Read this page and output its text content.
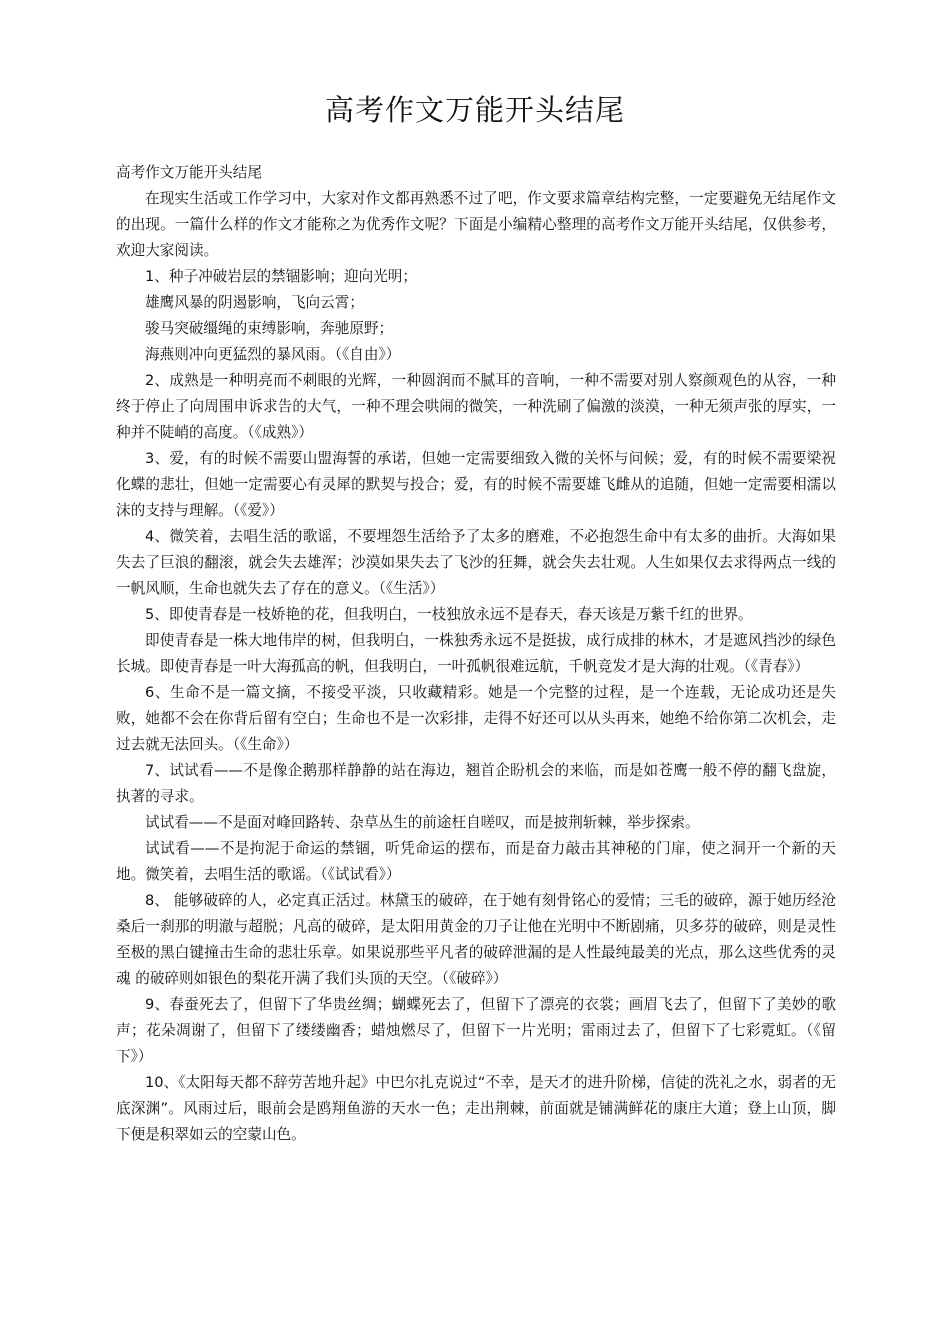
高考作文万能开头结尾

高考作文万能开头结尾

在现实生活或工作学习中，大家对作文都再熟悉不过了吧，作文要求篇章结构完整，一定要避免无结尾作文的出现。一篇什么样的作文才能称之为优秀作文呢？下面是小编精心整理的高考作文万能开头结尾，仅供参考，欢迎大家阅读。

1、种子冲破岩层的禁锢影响；迎向光明；

雄鹰风暴的阴遏影响，飞向云霄；

骏马突破缰绳的束缚影响，奔驰原野；

海燕则冲向更猛烈的暴风雨。（《自由》）

2、成熟是一种明亮而不刺眼的光辉，一种圆润而不腻耳的音响，一种不需要对别人察颜观色的从容，一种终于停止了向周围申诉求告的大气，一种不理会哄闹的微笑，一种洗刷了偏激的淡漠，一种无须声张的厚实，一种并不陡峭的高度。（《成熟》）

3、爱，有的时候不需要山盟海誓的承诺，但她一定需要细致入微的关怀与问候；爱，有的时候不需要梁祝化蝶的悲壮，但她一定需要心有灵犀的默契与投合；爱，有的时候不需要雄飞雌从的追随，但她一定需要相濡以沫的支持与理解。（《爱》）

4、微笑着，去唱生活的歌谣，不要埋怨生活给予了太多的磨难，不必抱怨生命中有太多的曲折。大海如果失去了巨浪的翻滚，就会失去雄浑；沙漠如果失去了飞沙的狂舞，就会失去壮观。人生如果仅去求得两点一线的一帆风顺，生命也就失去了存在的意义。（《生活》）

5、即使青春是一枝娇艳的花，但我明白，一枝独放永远不是春天，春天该是万紫千红的世界。

即使青春是一株大地伟岸的树，但我明白，一株独秀永远不是挺拔，成行成排的林木，才是遮风挡沙的绿色长城。即使青春是一叶大海孤高的帆，但我明白，一叶孤帆很难远航，千帆竞发才是大海的壮观。（《青春》）

6、生命不是一篇文摘，不接受平淡，只收藏精彩。她是一个完整的过程，是一个连载，无论成功还是失败，她都不会在你背后留有空白；生命也不是一次彩排，走得不好还可以从头再来，她绝不给你第二次机会，走过去就无法回头。（《生命》）

7、试试看——不是像企鹅那样静静的站在海边，翘首企盼机会的来临，而是如苍鹰一般不停的翻飞盘旋，执著的寻求。

试试看——不是面对峰回路转、杂草丛生的前途枉自嗟叹，而是披荆斩棘，举步探索。

试试看——不是拘泥于命运的禁锢，听凭命运的摆布，而是奋力敲击其神秘的门扉，使之洞开一个新的天地。微笑着，去唱生活的歌谣。（《试试看》）

8、 能够破碎的人，必定真正活过。林黛玉的破碎，在于她有刻骨铭心的爱情；三毛的破碎，源于她历经沧桑后一刹那的明澈与超脱；凡高的破碎，是太阳用黄金的刀子让他在光明中不断剧痛，贝多芬的破碎，则是灵性至极的黑白键撞击生命的悲壮乐章。如果说那些平凡者的破碎泄漏的是人性最纯最美的光点，那么这些优秀的灵魂 的破碎则如银色的梨花开满了我们头顶的天空。（《破碎》）

9、春蚕死去了，但留下了华贵丝绸；蝴蝶死去了，但留下了漂亮的衣裳；画眉飞去了，但留下了美妙的歌声；花朵凋谢了，但留下了缕缕幽香；蜡烛燃尽了，但留下一片光明；雷雨过去了，但留下了七彩霓虹。（《留下》）

10、《太阳每天都不辞劳苦地升起》中巴尔扎克说过“不幸，是天才的进升阶梯，信徒的洗礼之水，弱者的无底深渊”。风雨过后，眼前会是鸥翔鱼游的天水一色；走出荆棘，前面就是铺满鲜花的康庄大道；登上山顶，脚下便是积翠如云的空蒙山色。
